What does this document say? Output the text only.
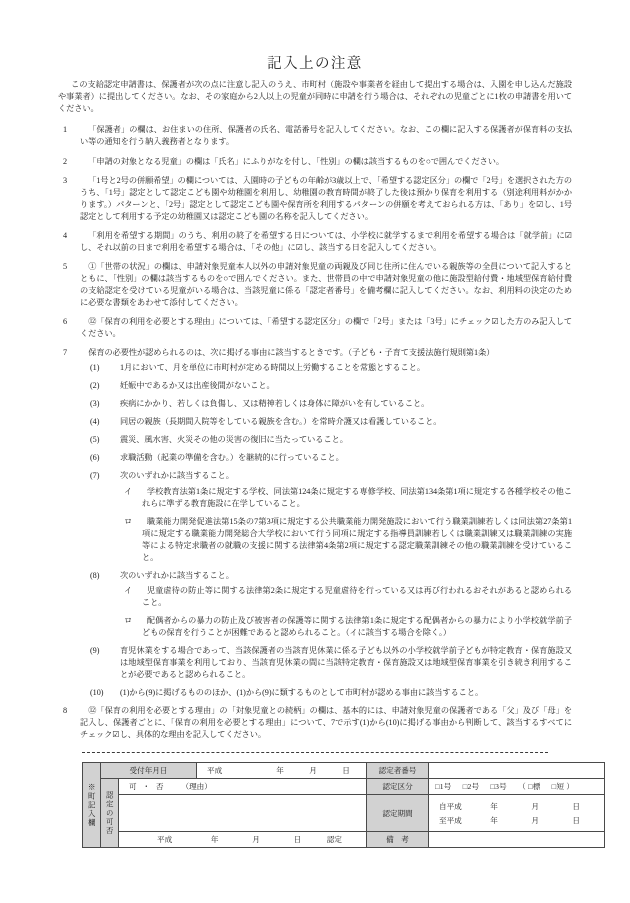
記入上の注意

この支給認定申請書は、保護者が次の点に注意し記入のうえ、市町村（施設や事業者を経由して提出する場合は、入園を申し込んだ施設や事業者）に提出してください。なお、その家庭から2人以上の児童が同時に申請を行う場合は、それぞれの児童ごとに1枚の申請書を用いてください。

1	「保護者」の欄は、お住まいの住所、保護者の氏名、電話番号を記入してください。なお、この欄に記入する保護者が保育料の支払い等の通知を行う納入義務者となります。
2	「申請の対象となる児童」の欄は「氏名」にふりがなを付し、「性別」の欄は該当するものを○で囲んでください。
3	「1号と2号の併願希望」の欄については、入園時の子どもの年齢が3歳以上で、「希望する認定区分」の欄で「2号」を選択された方のうち、「1号」認定として認定こども園や幼稚園を利用し、幼稚園の教育時間が終了した後は預かり保育を利用する（別途利用料がかかります。）パターンと、「2号」認定として認定こども園や保育所を利用するパターンの併願を考えておられる方は、「あり」を☑し、1号認定として利用する予定の幼稚園又は認定こども園の名称を記入してください。
4	「利用を希望する期間」のうち、利用の終了を希望する日については、小学校に就学するまで利用を希望する場合は「就学前」に☑し、それ以前の日まで利用を希望する場合は、「その他」に☑し、該当する日を記入してください。
5	①「世帯の状況」の欄は、申請対象児童本人以外の申請対象児童の両親及び同じ住所に住んでいる親族等の全員について記入するとともに、「性別」の欄は該当するものを○で囲んでください。また、世帯員の中で申請対象児童の他に施設型給付費・地域型保育給付費の支給認定を受けている児童がいる場合は、当該児童に係る「認定者番号」を備考欄に記入してください。なお、利用料の決定のために必要な書類をあわせて添付してください。
6	⑫「保育の利用を必要とする理由」については、「希望する認定区分」の欄で「2号」または「3号」にチェック☑した方のみ記入してください。
7	保育の必要性が認められるのは、次に掲げる事由に該当するときです。（子ども・子育て支援法施行規則第1条）
(1)	1月において、月を単位に市町村が定める時間以上労働することを常態とすること。
(2)	妊娠中であるか又は出産後間がないこと。
(3)	疾病にかかり、若しくは負傷し、又は精神若しくは身体に障がいを有していること。
(4)	同居の親族（長期間入院等をしている親族を含む。）を常時介護又は看護していること。
(5)	震災、風水害、火災その他の災害の復旧に当たっていること。
(6)	求職活動（起業の準備を含む。）を継続的に行っていること。
(7)	次のいずれかに該当すること。
イ	学校教育法第1条に規定する学校、同法第124条に規定する専修学校、同法第134条第1項に規定する各種学校その他これらに準ずる教育施設に在学していること。
ロ	職業能力開発促進法第15条の7第3項に規定する公共職業能力開発施設において行う職業訓練若しくは同法第27条第1項に規定する職業能力開発総合大学校において行う同項に規定する指導員訓練若しくは職業訓練又は職業訓練の実施等による特定求職者の就職の支援に関する法律第4条第2項に規定する認定職業訓練その他の職業訓練を受けていること。
(8)	次のいずれかに該当すること。
イ	児童虐待の防止等に関する法律第2条に規定する児童虐待を行っている又は再び行われるおそれがあると認められること。
ロ	配偶者からの暴力の防止及び被害者の保護等に関する法律第1条に規定する配偶者からの暴力により小学校就学前子どもの保育を行うことが困難であると認められること。（イに該当する場合を除く。）
(9)	育児休業をする場合であって、当該保護者の当該育児休業に係る子ども以外の小学校就学前子どもが特定教育・保育施設又は地域型保育事業を利用しており、当該育児休業の間に当該特定教育・保育施設又は地域型保育事業を引き続き利用することが必要であると認められること。
(10)	(1)から(9)に掲げるもののほか、(1)から(9)に類するものとして市町村が認める事由に該当すること。
8	⑫「保育の利用を必要とする理由」の「対象児童との続柄」の欄は、基本的には、申請対象児童の保護者である「父」及び「母」を記入し、保護者ごとに、「保育の利用を必要とする理由」について、7で示す(1)から(10)に掲げる事由から判断して、該当するすべてにチェック☑し、具体的な理由を記入してください。
※町記入欄	受付年月日		平成 年 月 日	認定者番号	

	認定の可否	可 ・ 否 （理由）		認定区分	□1号 □2号 □3号 （ □標 □短 ）
	認定期間	
自平成	年	月	日
至平成	年	月	日

		平成 年 月 日 認定		備　考	
